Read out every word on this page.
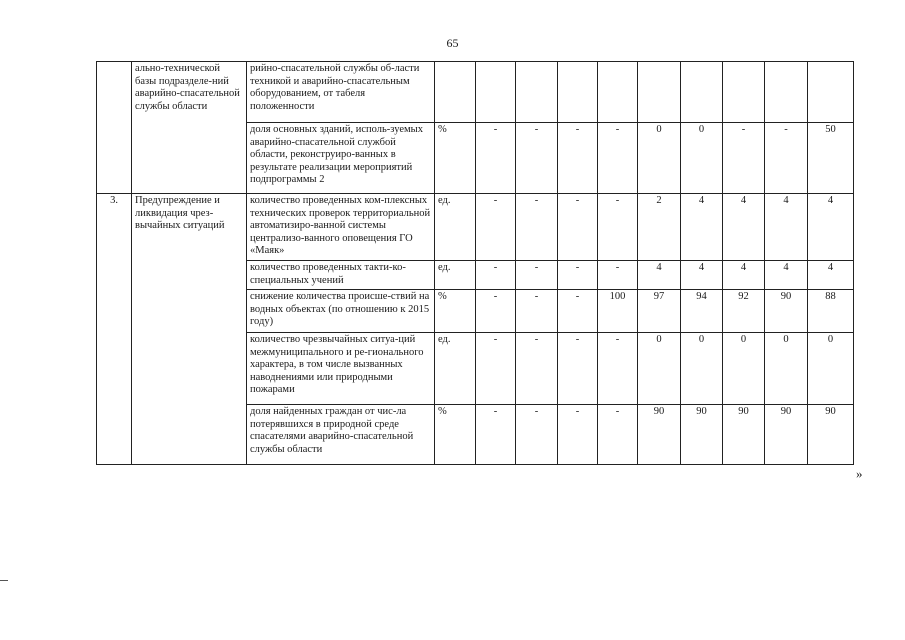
65
	ально-технической базы подразделе-ний аварийно-спасательной службы области	рийно-спасательной службы об-ласти техникой и аварийно-спасательным оборудованием, от табеля положенности										
		доля основных зданий, исполь-зуемых аварийно-спасательной службой области, реконструиро-ванных в результате реализации мероприятий подпрограммы 2	%	-	-	-	-	0	0	-	-	50
3.	Предупреждение и ликвидация чрез-вычайных ситуаций	количество проведенных ком-плексных технических проверок территориальной автоматизиро-ванной системы централизо-ванного оповещения ГО «Маяк»	ед.	-	-	-	-	2	4	4	4	4
		количество проведенных такти-ко-специальных учений	ед.	-	-	-	-	4	4	4	4	4
		снижение количества происше-ствий на водных объектах (по отношению к 2015 году)	%	-	-	-	100	97	94	92	90	88
		количество чрезвычайных ситуа-ций межмуниципального и ре-гионального характера, в том числе вызванных наводнениями или природными пожарами	ед.	-	-	-	-	0	0	0	0	0
		доля найденных граждан от чис-ла потерявшихся в природной среде спасателями аварийно-спасательной службы области	%	-	-	-	-	90	90	90	90	90
»
